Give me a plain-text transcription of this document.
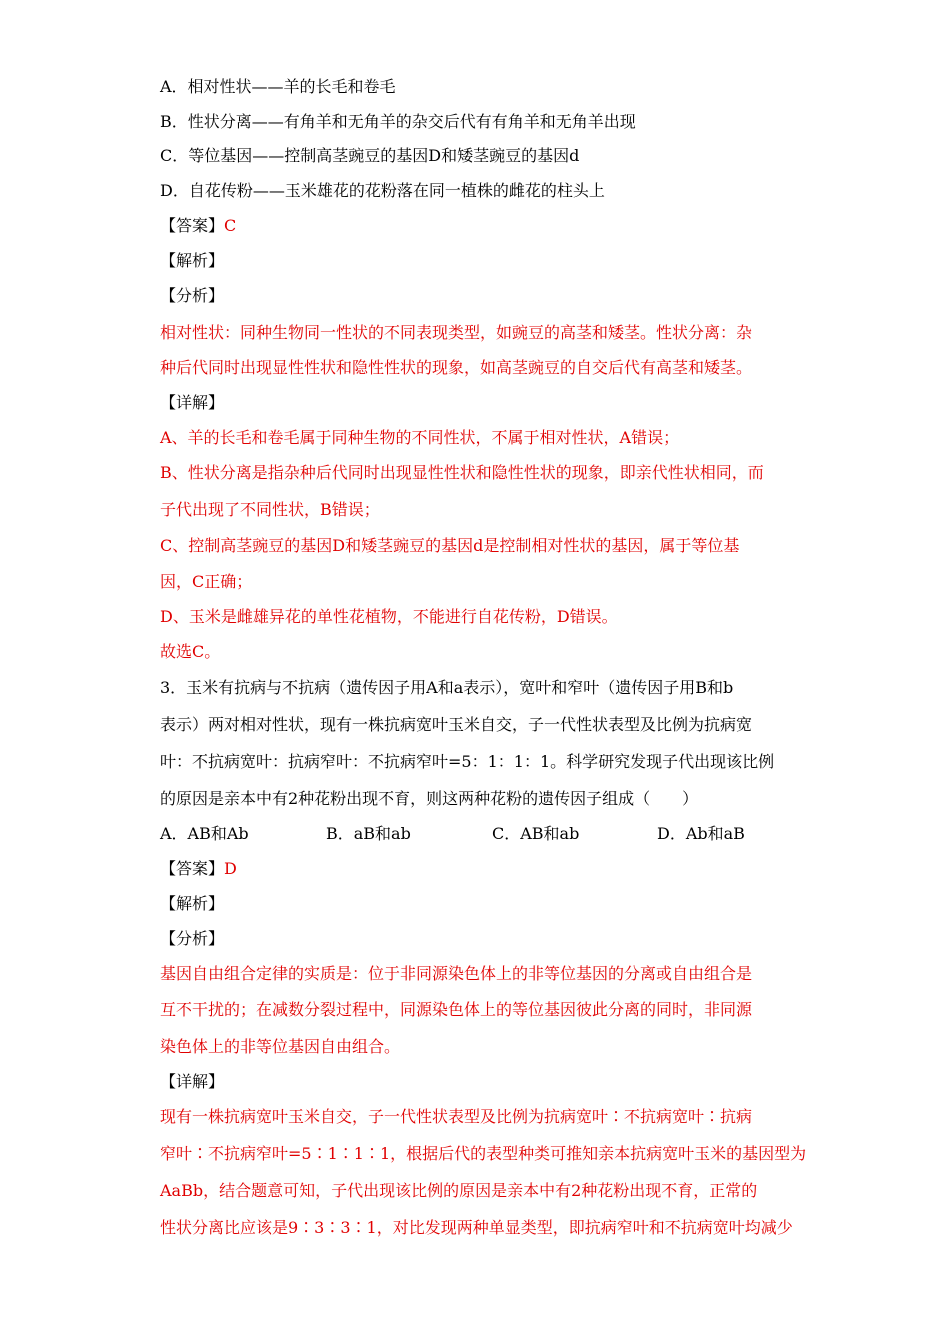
A．相对性状——羊的长毛和卷毛
B．性状分离——有角羊和无角羊的杂交后代有有角羊和无角羊出现
C．等位基因——控制高茎豌豆的基因D和矮茎豌豆的基因d
D．自花传粉——玉米雄花的花粉落在同一植株的雌花的柱头上
【答案】C
【解析】
【分析】
相对性状：同种生物同一性状的不同表现类型，如豌豆的高茎和矮茎。性状分离：杂
种后代同时出现显性性状和隐性性状的现象，如高茎豌豆的自交后代有高茎和矮茎。
【详解】
A、羊的长毛和卷毛属于同种生物的不同性状，不属于相对性状，A错误；
B、性状分离是指杂种后代同时出现显性性状和隐性性状的现象，即亲代性状相同，而
子代出现了不同性状，B错误；
C、控制高茎豌豆的基因D和矮茎豌豆的基因d是控制相对性状的基因，属于等位基
因，C正确；
D、玉米是雌雄异花的单性花植物，不能进行自花传粉，D错误。
故选C。
3．玉米有抗病与不抗病（遗传因子用A和a表示），宽叶和窄叶（遗传因子用B和b
表示）两对相对性状，现有一株抗病宽叶玉米自交，子一代性状表型及比例为抗病宽
叶：不抗病宽叶：抗病窄叶：不抗病窄叶=5：1：1：1。科学研究发现子代出现该比例
的原因是亲本中有2种花粉出现不育，则这两种花粉的遗传因子组成（　　）
A．AB和Ab	B．aB和ab	C．AB和ab	D．Ab和aB
【答案】D
【解析】
【分析】
基因自由组合定律的实质是：位于非同源染色体上的非等位基因的分离或自由组合是
互不干扰的；在减数分裂过程中，同源染色体上的等位基因彼此分离的同时，非同源
染色体上的非等位基因自由组合。
【详解】
现有一株抗病宽叶玉米自交，子一代性状表型及比例为抗病宽叶∶不抗病宽叶∶抗病
窄叶∶不抗病窄叶=5∶1∶1∶1，根据后代的表型种类可推知亲本抗病宽叶玉米的基因型为
AaBb，结合题意可知，子代出现该比例的原因是亲本中有2种花粉出现不育，正常的
性状分离比应该是9∶3∶3∶1，对比发现两种单显类型，即抗病窄叶和不抗病宽叶均减少
